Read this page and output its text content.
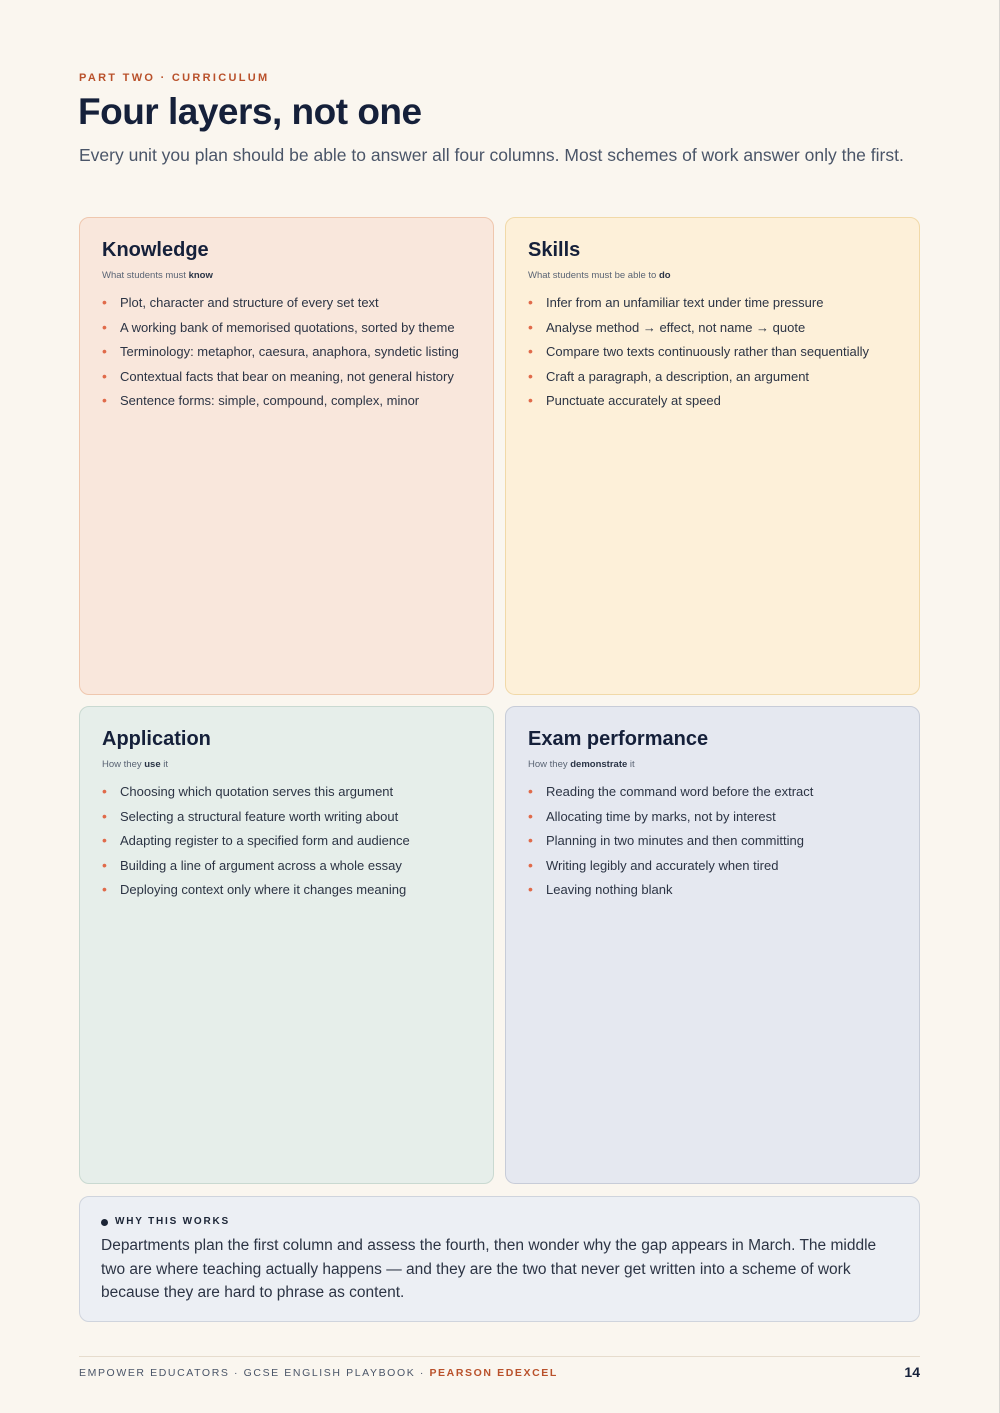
PART TWO · CURRICULUM
Four layers, not one

Every unit you plan should be able to answer all four columns. Most schemes of work answer only the first.

Knowledge
What students must know
• Plot, character and structure of every set text
• A working bank of memorised quotations, sorted by theme
• Terminology: metaphor, caesura, anaphora, syndetic listing
• Contextual facts that bear on meaning, not general history
• Sentence forms: simple, compound, complex, minor
Skills
What students must be able to do
• Infer from an unfamiliar text under time pressure
• Analyse method → effect, not name → quote
• Compare two texts continuously rather than sequentially
• Craft a paragraph, a description, an argument
• Punctuate accurately at speed
Application
How they use it
• Choosing which quotation serves this argument
• Selecting a structural feature worth writing about
• Adapting register to a specified form and audience
• Building a line of argument across a whole essay
• Deploying context only where it changes meaning
Exam performance
How they demonstrate it
• Reading the command word before the extract
• Allocating time by marks, not by interest
• Planning in two minutes and then committing
• Writing legibly and accurately when tired
• Leaving nothing blank
WHY THIS WORKS

Departments plan the first column and assess the fourth, then wonder why the gap appears in March. The middle two are where teaching actually happens — and they are the two that never get written into a scheme of work because they are hard to phrase as content.

EMPOWER EDUCATORS · GCSE ENGLISH PLAYBOOK · PEARSON EDEXCEL	14
